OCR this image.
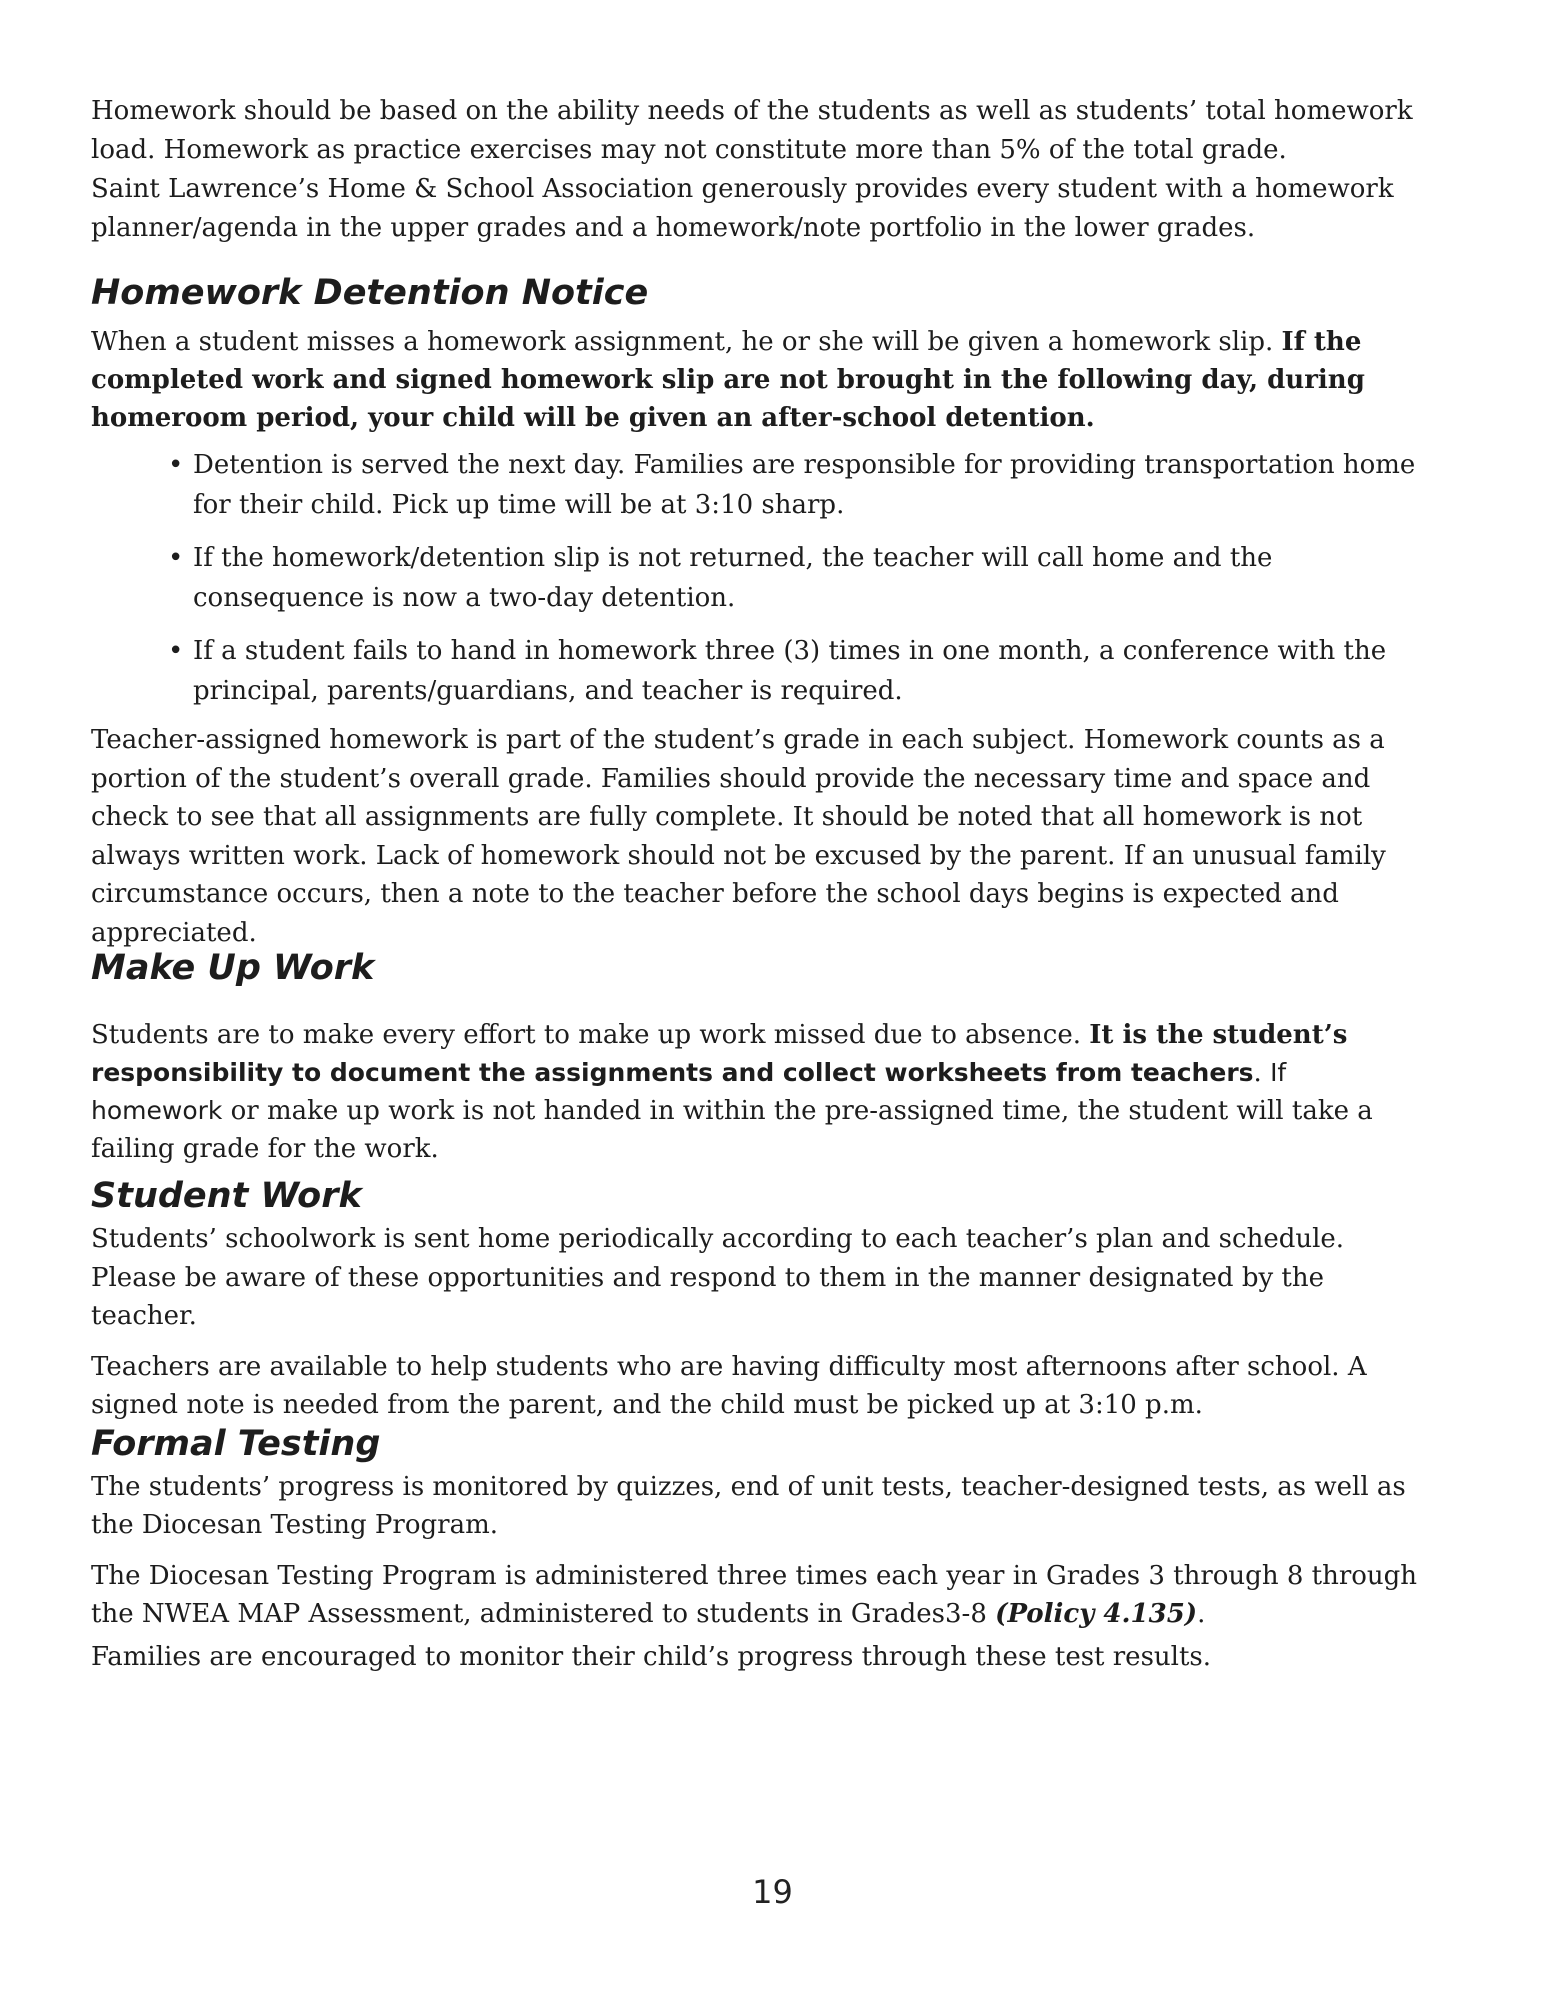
Homework should be based on the ability needs of the students as well as students’ total homework load. Homework as practice exercises may not constitute more than 5% of the total grade.

Saint Lawrence’s Home & School Association generously provides every student with a homework planner/agenda in the upper grades and a homework/note portfolio in the lower grades.

Homework Detention Notice

When a student misses a homework assignment, he or she will be given a homework slip. If the completed work and signed homework slip are not brought in the following day, during homeroom period, your child will be given an after-school detention.

• Detention is served the next day. Families are responsible for providing transportation home for their child. Pick up time will be at 3:10 sharp.
• If the homework/detention slip is not returned, the teacher will call home and the consequence is now a two-day detention.
• If a student fails to hand in homework three (3) times in one month, a conference with the principal, parents/guardians, and teacher is required.

Teacher-assigned homework is part of the student’s grade in each subject. Homework counts as a portion of the student’s overall grade. Families should provide the necessary time and space and check to see that all assignments are fully complete. It should be noted that all homework is not always written work. Lack of homework should not be excused by the parent. If an unusual family circumstance occurs, then a note to the teacher before the school days begins is expected and appreciated.

Make Up Work

Students are to make every effort to make up work missed due to absence. It is the student’s responsibility to document the assignments and collect worksheets from teachers. If homework or make up work is not handed in within the pre-assigned time, the student will take a failing grade for the work.

Student Work

Students’ schoolwork is sent home periodically according to each teacher’s plan and schedule. Please be aware of these opportunities and respond to them in the manner designated by the teacher.

Teachers are available to help students who are having difficulty most afternoons after school. A signed note is needed from the parent, and the child must be picked up at 3:10 p.m.

Formal Testing

The students’ progress is monitored by quizzes, end of unit tests, teacher-designed tests, as well as the Diocesan Testing Program.

The Diocesan Testing Program is administered three times each year in Grades 3 through 8 through the NWEA MAP Assessment, administered to students in Grades3-8 (Policy 4.135).

Families are encouraged to monitor their child’s progress through these test results.

19
